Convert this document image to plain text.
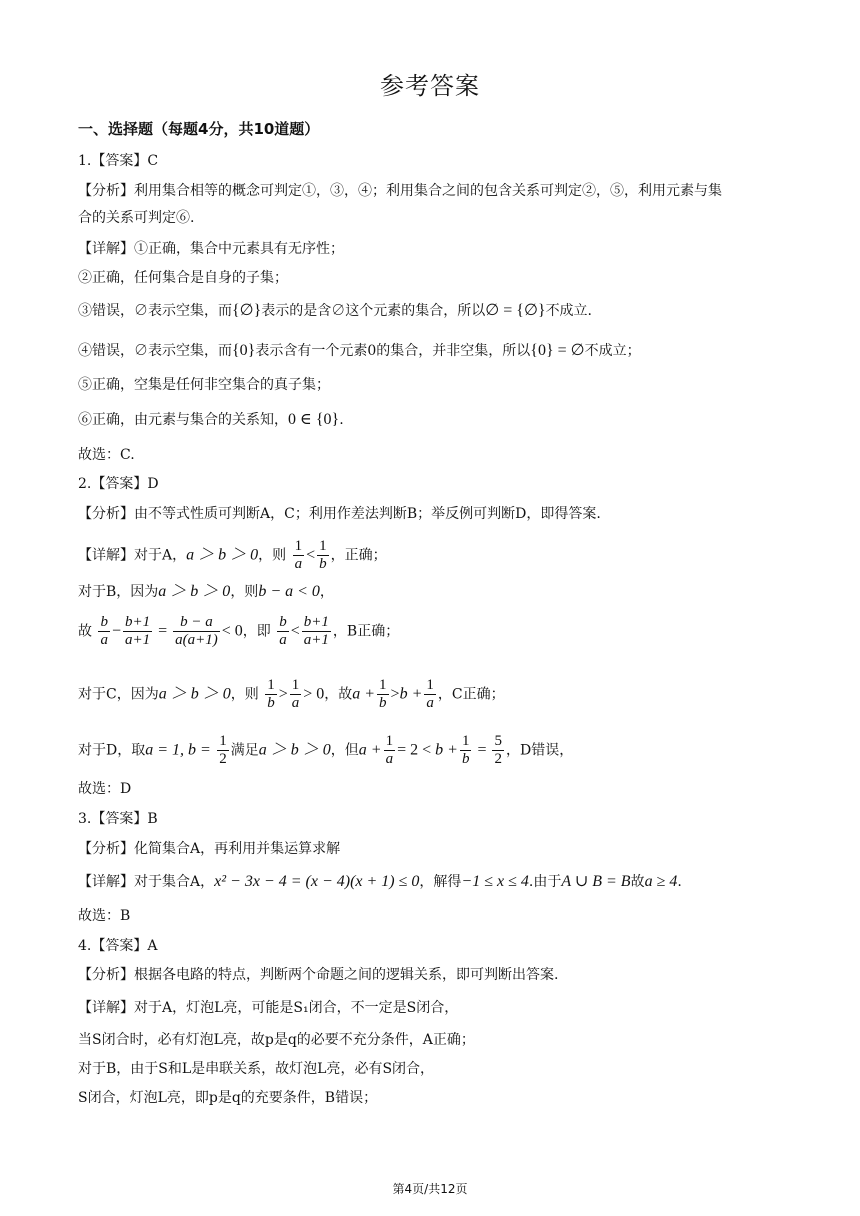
参考答案
一、选择题（每题4分，共10道题）
1.【答案】C
【分析】利用集合相等的概念可判定①，③，④；利用集合之间的包含关系可判定②，⑤，利用元素与集
合的关系可判定⑥.
【详解】①正确，集合中元素具有无序性；
②正确，任何集合是自身的子集；
③错误，∅表示空集，而{∅}表示的是含∅这个元素的集合，所以∅ = {∅}不成立.
④错误，∅表示空集，而{0}表示含有一个元素0的集合，并非空集，所以{0} = ∅不成立；
⑤正确，空集是任何非空集合的真子集；
⑥正确，由元素与集合的关系知，0 ∈ {0}.
故选：C.
2.【答案】D
【分析】由不等式性质可判断A，C；利用作差法判断B；举反例可判断D，即得答案.
【详解】对于A，a ＞ b ＞ 0，则 $\frac{1}{a} < \frac{1}{b}$ ，正确；
对于B，因为a ＞ b ＞ 0，则b − a < 0，
故 $\frac{b}{a} - \frac{b+1}{a+1} = \frac{b - a}{a(a+1)} < 0$，即 $\frac{b}{a} < \frac{b+1}{a+1}$ ，B正确；
对于C，因为a ＞ b ＞ 0，则 $\frac{1}{b} > \frac{1}{a} > 0$，故$a + \frac{1}{b} >b + \frac{1}{a}$ ，C正确；
对于D，取a = 1, $b = \frac{1}{2}$ 满足a ＞ b ＞ 0，但$a + \frac{1}{a} = 2 < b + \frac{1}{b} = \frac{5}{2}$ ，D错误，
故选：D
3.【答案】B
【分析】化简集合A，再利用并集运算求解
【详解】对于集合A，x² − 3x − 4 = (x − 4)(x + 1) ≤ 0，解得−1 ≤ x ≤ 4.由于A ∪ B = B故a ≥ 4.
故选：B
4.【答案】A
【分析】根据各电路的特点，判断两个命题之间的逻辑关系，即可判断出答案.
【详解】对于A，灯泡L亮，可能是S₁闭合，不一定是S闭合，
当S闭合时，必有灯泡L亮，故p是q的必要不充分条件，A正确；
对于B，由于S和L是串联关系，故灯泡L亮，必有S闭合，
S闭合，灯泡L亮，即p是q的充要条件，B错误；
第4页/共12页
